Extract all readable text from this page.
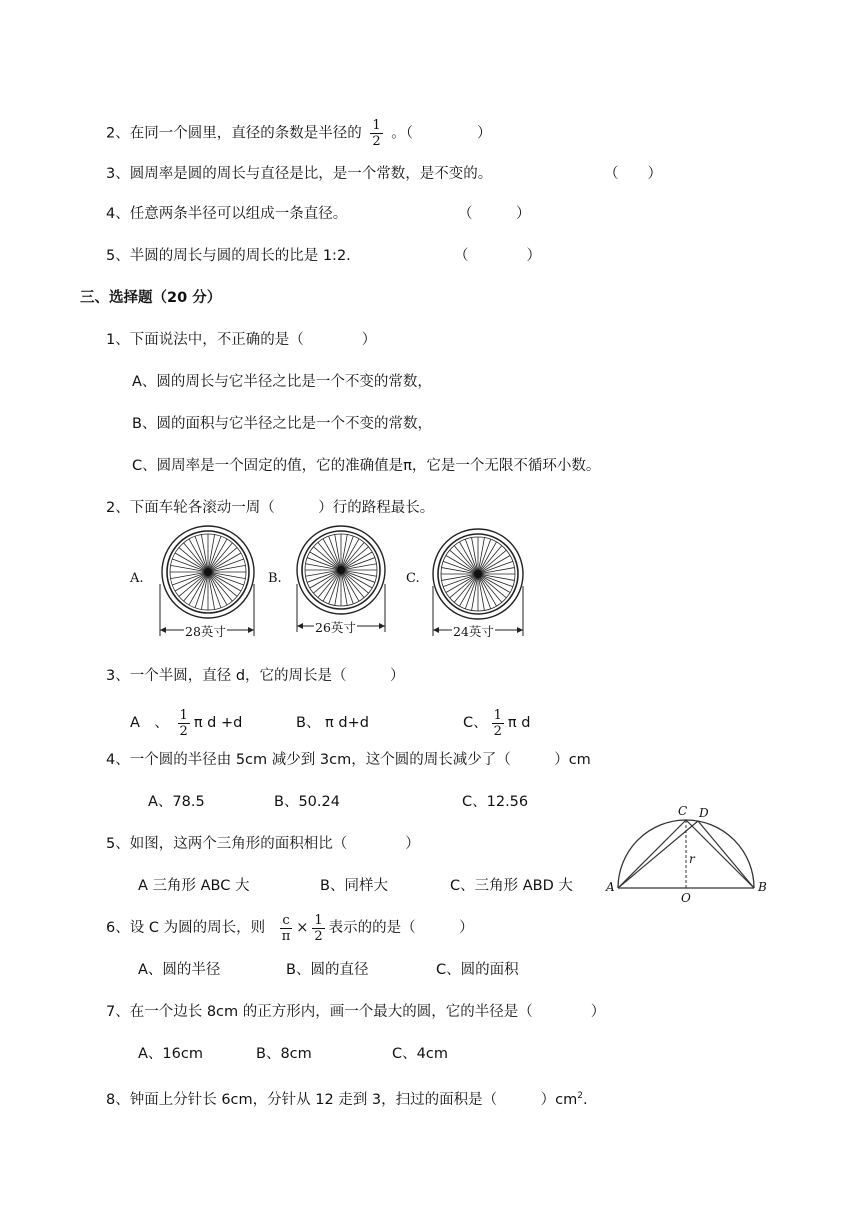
2、在同一个圆里，直径的条数是半径的 $\frac{1}{2}$ 。（	）
3、圆周率是圆的周长与直径是比，是一个常数，是不变的。	（　　）
4、任意两条半径可以组成一条直径。	（　　　）
5、半圆的周长与圆的周长的比是 1:2.	（　　　　）
三、选择题（20 分）
1、下面说法中，不正确的是（　　　　）
A、圆的周长与它半径之比是一个不变的常数，
B、圆的面积与它半径之比是一个不变的常数，
C、圆周率是一个固定的值，它的准确值是π，它是一个无限不循环小数。
2、下面车轮各滚动一周（　　　）行的路程最长。
A.
28英寸
B.
26英寸
C.
24英寸
3、一个半圆，直径 d，它的周长是（　　　）
A　、 $\frac{1}{2}$ π d +d	B、 π d+d	C、 $\frac{1}{2}$ π d
4、一个圆的半径由 5cm 减少到 3cm，这个圆的周长减少了（　　　）cm
A、78.5	B、50.24	C、12.56
5、如图，这两个三角形的面积相比（　　　　）
A 三角形 ABC 大	B、同样大	C、三角形 ABD 大
C D
A	B
O
r
6、设 C 为圆的周长，则 $\frac{c}{\pi} \times \frac{1}{2}$ 表示的的是（　　　）
A、圆的半径	B、圆的直径	C、圆的面积
7、在一个边长 8cm 的正方形内，画一个最大的圆，它的半径是（　　　　）
A、16cm	B、8cm	C、4cm
8、钟面上分针长 6cm，分针从 12 走到 3，扫过的面积是（　　　）$cm^2$.
